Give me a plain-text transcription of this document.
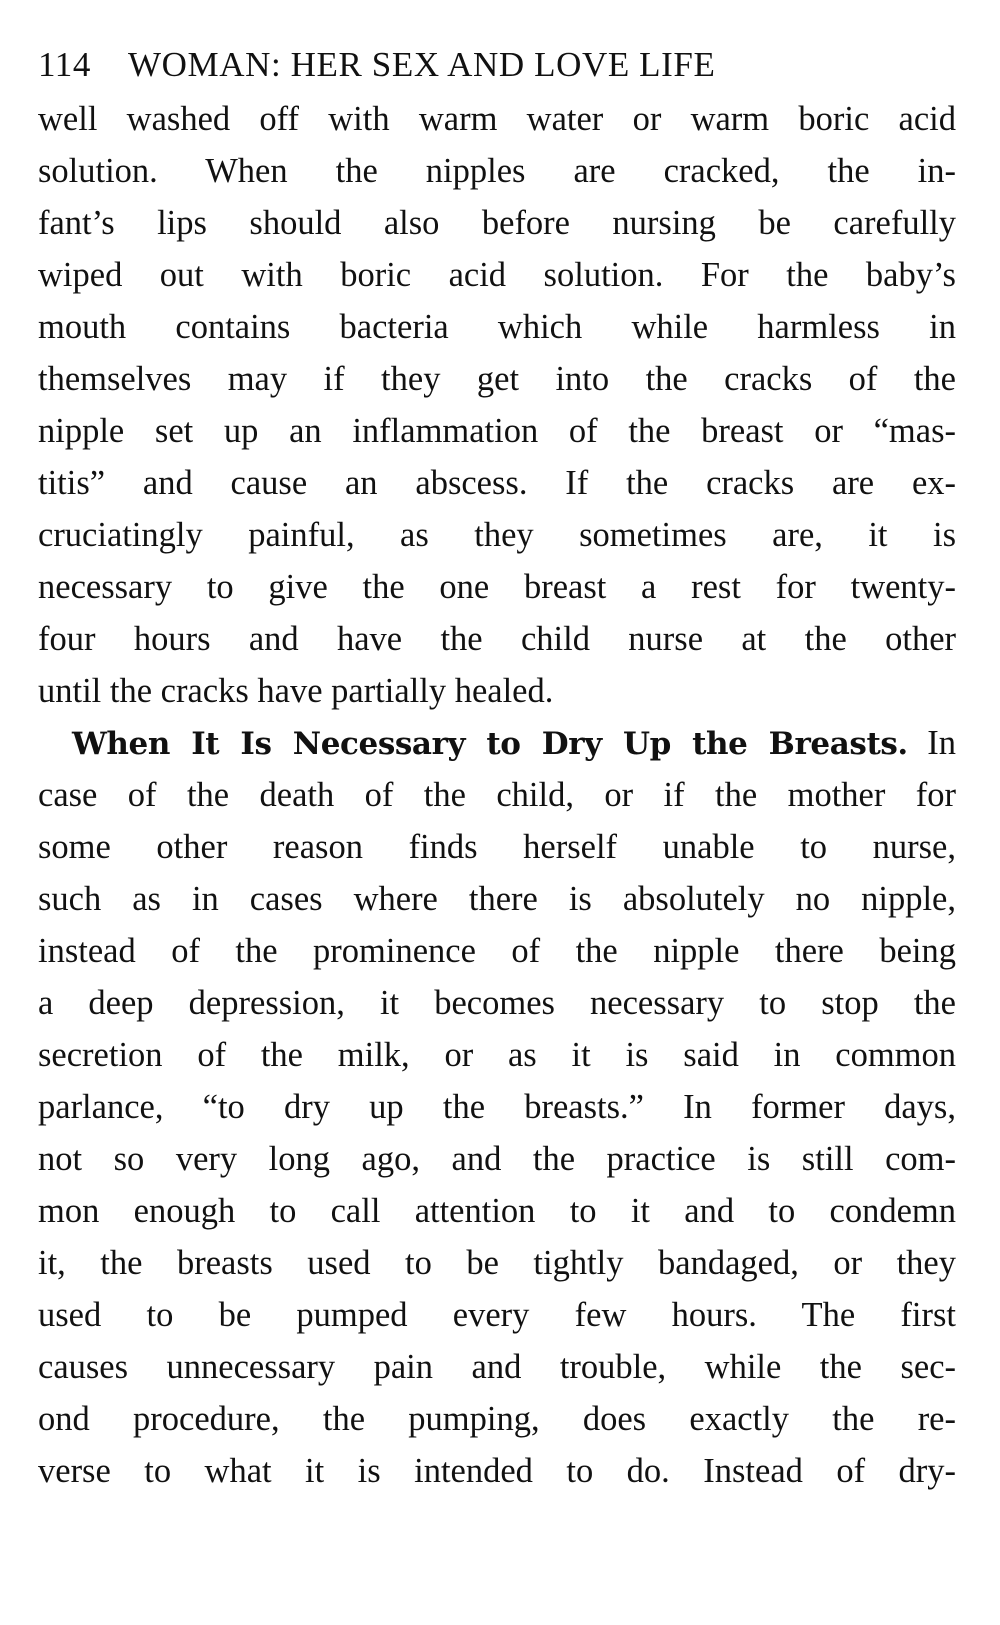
114 WOMAN: HER SEX AND LOVE LIFE
well washed off with warm water or warm boric acid
solution. When the nipples are cracked, the in-
fant’s lips should also before nursing be carefully
wiped out with boric acid solution. For the baby’s
mouth contains bacteria which while harmless in
themselves may if they get into the cracks of the
nipple set up an inflammation of the breast or “mas-
titis” and cause an abscess. If the cracks are ex-
cruciatingly painful, as they sometimes are, it is
necessary to give the one breast a rest for twenty-
four hours and have the child nurse at the other
until the cracks have partially healed.
When It Is Necessary to Dry Up the Breasts. In
case of the death of the child, or if the mother for
some other reason finds herself unable to nurse,
such as in cases where there is absolutely no nipple,
instead of the prominence of the nipple there being
a deep depression, it becomes necessary to stop the
secretion of the milk, or as it is said in common
parlance, “to dry up the breasts.” In former days,
not so very long ago, and the practice is still com-
mon enough to call attention to it and to condemn
it, the breasts used to be tightly bandaged, or they
used to be pumped every few hours. The first
causes unnecessary pain and trouble, while the sec-
ond procedure, the pumping, does exactly the re-
verse to what it is intended to do. Instead of dry-
